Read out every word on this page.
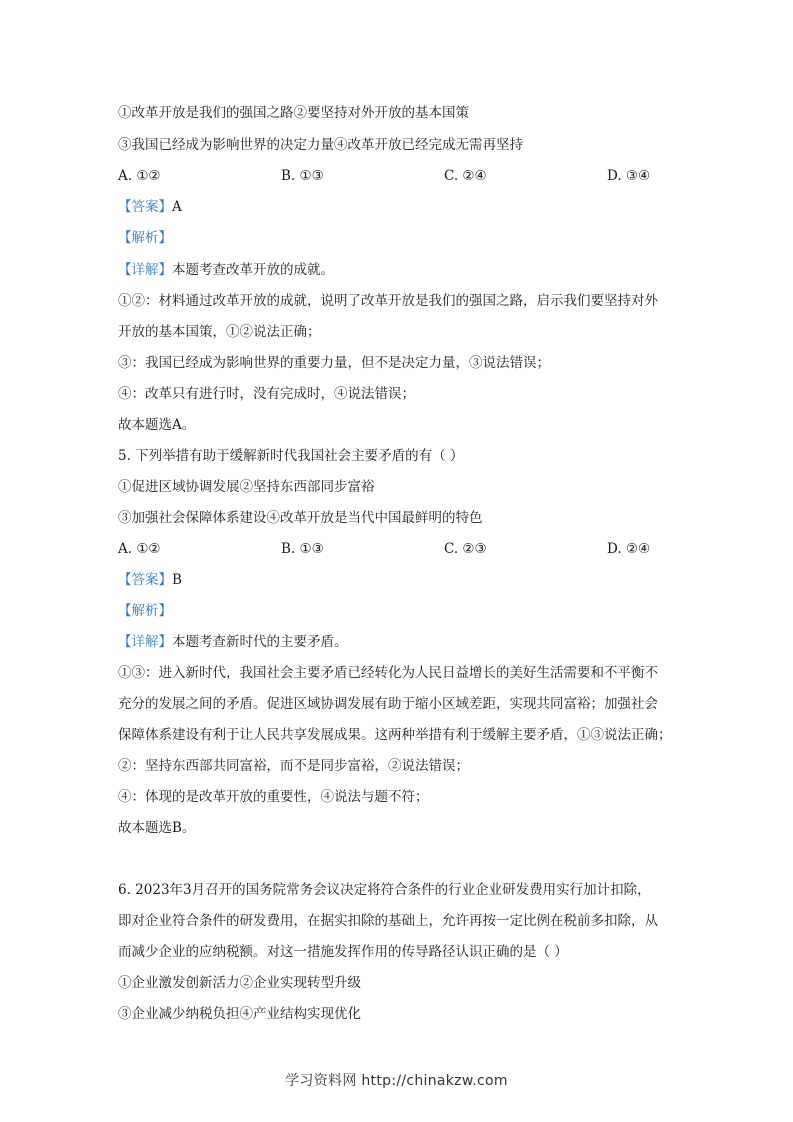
①改革开放是我们的强国之路②要坚持对外开放的基本国策
③我国已经成为影响世界的决定力量④改革开放已经完成无需再坚持
A. ①②	B. ①③	C. ②④	D. ③④
【答案】A
【解析】
【详解】本题考查改革开放的成就。
①②：材料通过改革开放的成就，说明了改革开放是我们的强国之路，启示我们要坚持对外
开放的基本国策，①②说法正确；
③：我国已经成为影响世界的重要力量，但不是决定力量，③说法错误；
④：改革只有进行时，没有完成时，④说法错误；
故本题选A。
5. 下列举措有助于缓解新时代我国社会主要矛盾的有（ ）
①促进区域协调发展②坚持东西部同步富裕
③加强社会保障体系建设④改革开放是当代中国最鲜明的特色
A. ①②	B. ①③	C. ②③	D. ②④
【答案】B
【解析】
【详解】本题考查新时代的主要矛盾。
①③：进入新时代，我国社会主要矛盾已经转化为人民日益增长的美好生活需要和不平衡不
充分的发展之间的矛盾。促进区域协调发展有助于缩小区域差距，实现共同富裕；加强社会
保障体系建设有利于让人民共享发展成果。这两种举措有利于缓解主要矛盾，①③说法正确；
②：坚持东西部共同富裕，而不是同步富裕，②说法错误；
④：体现的是改革开放的重要性，④说法与题不符；
故本题选B。
6. 2023年3月召开的国务院常务会议决定将符合条件的行业企业研发费用实行加计扣除，
即对企业符合条件的研发费用，在据实扣除的基础上，允许再按一定比例在税前多扣除，从
而减少企业的应纳税额。对这一措施发挥作用的传导路径认识正确的是（ ）
①企业激发创新活力②企业实现转型升级
③企业减少纳税负担④产业结构实现优化
学习资料网 http://chinakzw.com
